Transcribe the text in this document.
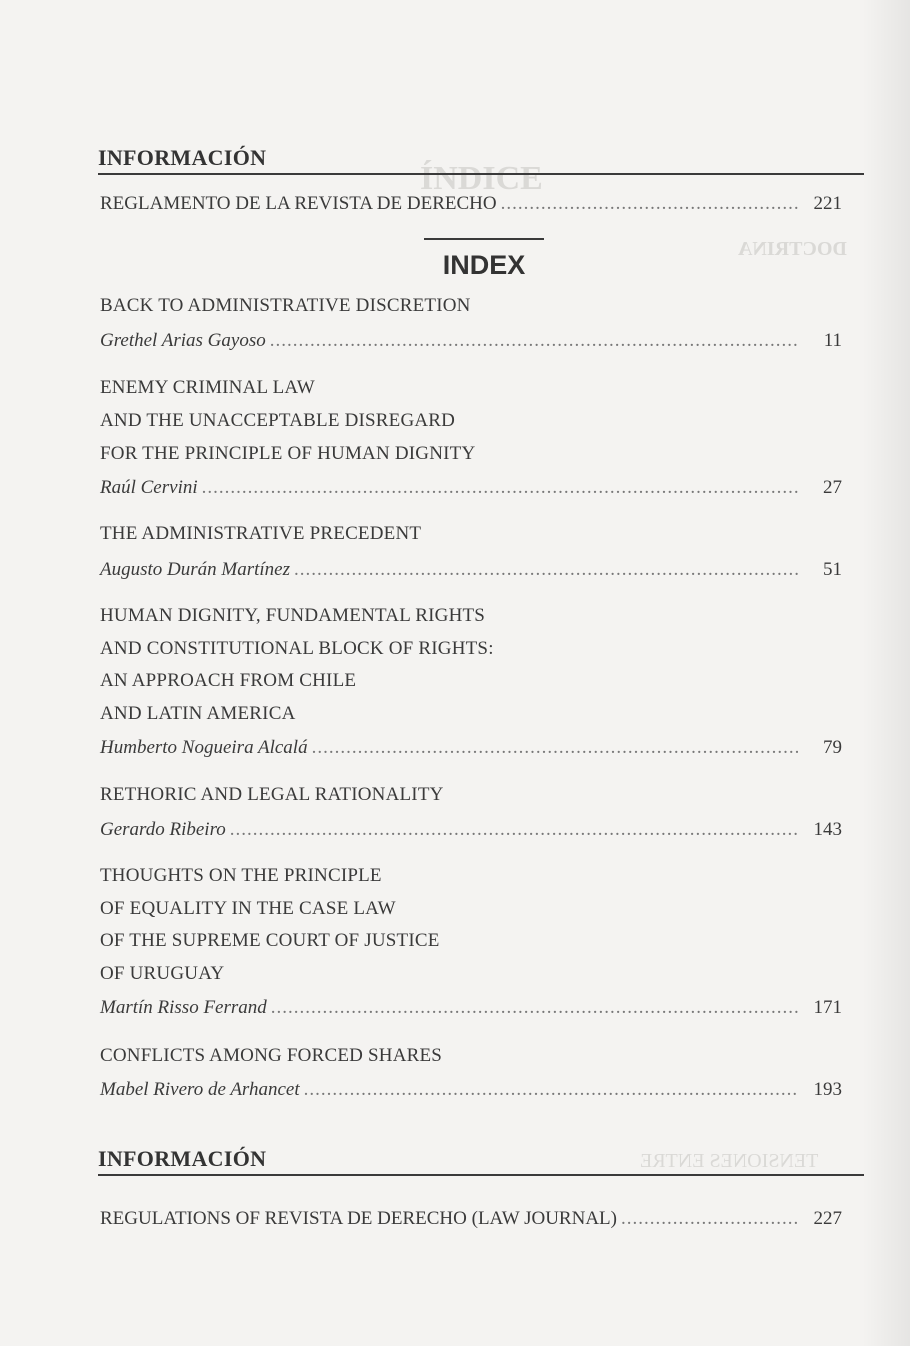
ÍNDICE
DOCTRINA
TENSIONES ENTRE
INFORMACIÓN
REGLAMENTO DE LA REVISTA DE DERECHO .....	221
INDEX
BACK TO ADMINISTRATIVE DISCRETION
Grethel Arias Gayoso .....	11
ENEMY CRIMINAL LAW
AND THE UNACCEPTABLE DISREGARD
FOR THE PRINCIPLE OF HUMAN DIGNITY
Raúl Cervini .....	27
THE ADMINISTRATIVE PRECEDENT
Augusto Durán Martínez .....	51
HUMAN DIGNITY, FUNDAMENTAL RIGHTS
AND CONSTITUTIONAL BLOCK OF RIGHTS:
AN APPROACH FROM CHILE
AND LATIN AMERICA
Humberto Nogueira Alcalá .....	79
RETHORIC AND LEGAL RATIONALITY
Gerardo Ribeiro .....	143
THOUGHTS ON THE PRINCIPLE
OF EQUALITY IN THE CASE LAW
OF THE SUPREME COURT OF JUSTICE
OF URUGUAY
Martín Risso Ferrand .....	171
CONFLICTS AMONG FORCED SHARES
Mabel Rivero de Arhancet .....	193
INFORMACIÓN
REGULATIONS OF REVISTA DE DERECHO (LAW JOURNAL) .....	227
